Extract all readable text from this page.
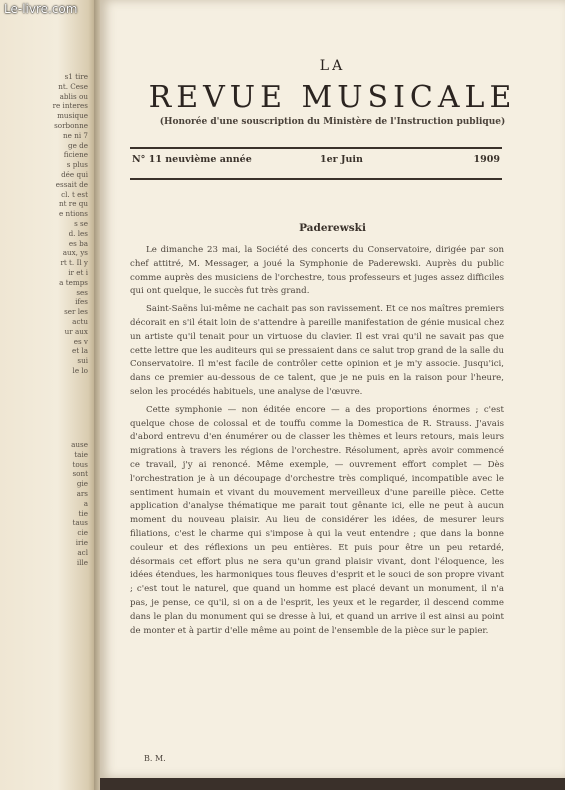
s1 tire
nt. Cese
ablis ou
re interes
musique
sorbonne
ne ni 7
ge de
ficiene
s plus
dée qui
essait de
cl. t est
nt re qu
e ntions
s se
d. les
es ba
aux, ys
rt t. Il y
ir et i
a temps
ses
ifes
ser les
actu
ur aux
es v
et la
sui
le lo
ause
taie
tous
sont
gie
ars
a
tie
taus
cie
irie
acl
ille
LA
REVUE MUSICALE
(Honorée d'une souscription du Ministère de l'Instruction publique)
N° 11 neuvième année	1er Juin	1909
Paderewski

Le dimanche 23 mai, la Société des concerts du Conservatoire, dirigée par son chef attitré, M. Messager, a joué la Symphonie de Paderewski. Auprès du public comme auprès des musiciens de l'orchestre, tous professeurs et juges assez difficiles qui ont quelque, le succès fut très grand.

Saint-Saëns lui-même ne cachait pas son ravissement. Et ce nos maîtres premiers décorait en s'il était loin de s'attendre à pareille manifestation de génie musical chez un artiste qu'il tenait pour un virtuose du clavier. Il est vrai qu'il ne savait pas que cette lettre que les auditeurs qui se pressaient dans ce salut trop grand de la salle du Conservatoire. Il m'est facile de contrôler cette opinion et je m'y associe. Jusqu'ici, dans ce premier au-dessous de ce talent, que je ne puis en la raison pour l'heure, selon les procédés habituels, une analyse de l'œuvre.

Cette symphonie — non éditée encore — a des proportions énormes ; c'est quelque chose de colossal et de touffu comme la Domestica de R. Strauss. J'avais d'abord entrevu d'en énumérer ou de classer les thèmes et leurs retours, mais leurs migrations à travers les régions de l'orchestre. Résolument, après avoir commencé ce travail, j'y ai renoncé. Même exemple, — ouvrement effort complet — Dès l'orchestration je à un découpage d'orchestre très compliqué, incompatible avec le sentiment humain et vivant du mouvement merveilleux d'une pareille pièce. Cette application d'analyse thématique me parait tout gênante ici, elle ne peut à aucun moment du nouveau plaisir. Au lieu de considérer les idées, de mesurer leurs filiations, c'est le charme qui s'impose à qui la veut entendre ; que dans la bonne couleur et des réflexions un peu entières. Et puis pour être un peu retardé, désormais cet effort plus ne sera qu'un grand plaisir vivant, dont l'éloquence, les idées étendues, les harmoniques tous fleuves d'esprit et le souci de son propre vivant ; c'est tout le naturel, que quand un homme est placé devant un monument, il n'a pas, je pense, ce qu'il, si on a de l'esprit, les yeux et le regarder, il descend comme dans le plan du monument qui se dresse à lui, et quand un arrive il est ainsi au point de monter et à partir d'elle même au point de l'ensemble de la pièce sur le papier.

B. M.
Le-livre.com
